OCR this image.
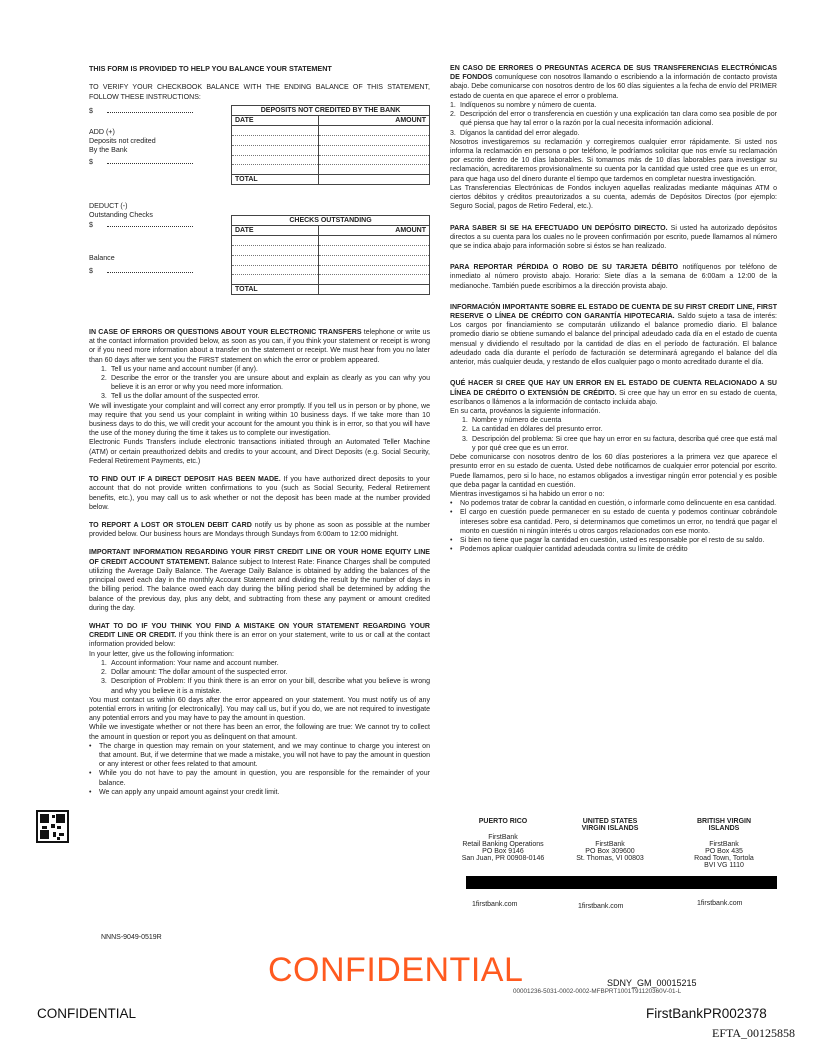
THIS FORM IS PROVIDED TO HELP YOU BALANCE YOUR STATEMENT
TO VERIFY YOUR CHECKBOOK BALANCE WITH THE ENDING BALANCE OF THIS STATEMENT, FOLLOW THESE INSTRUCTIONS:
$
ADD (+)
Deposits not credited
By the Bank
$
DEDUCT (-)
Outstanding Checks
$
Balance
$
DEPOSITS NOT CREDITED BY THE BANK	
DATE	AMOUNT

TOTAL	
CHECKS OUTSTANDING	
DATE	AMOUNT

TOTAL	

IN CASE OF ERRORS OR QUESTIONS ABOUT YOUR ELECTRONIC TRANSFERS telephone or write us at the contact information provided below, as soon as you can, if you think your statement or receipt is wrong or if you need more information about a transfer on the statement or receipt. We must hear from you no later than 60 days after we sent you the FIRST statement on which the error or problem appeared.

1. Tell us your name and account number (if any).
2. Describe the error or the transfer you are unsure about and explain as clearly as you can why you believe it is an error or why you need more information.
3. Tell us the dollar amount of the suspected error.

We will investigate your complaint and will correct any error promptly. If you tell us in person or by phone, we may require that you send us your complaint in writing within 10 business days. If we take more than 10 business days to do this, we will credit your account for the amount you think is in error, so that you will have the use of the money during the time it takes us to complete our investigation.

Electronic Funds Transfers include electronic transactions initiated through an Automated Teller Machine (ATM) or certain preauthorized debits and credits to your account, and Direct Deposits (e.g. Social Security, Federal Retirement Payments, etc.)

TO FIND OUT IF A DIRECT DEPOSIT HAS BEEN MADE. If you have authorized direct deposits to your account that do not provide written confirmations to you (such as Social Security, Federal Retirement benefits, etc.), you may call us to ask whether or not the deposit has been made at the number provided below.

TO REPORT A LOST OR STOLEN DEBIT CARD notify us by phone as soon as possible at the number provided below. Our business hours are Mondays through Sundays from 6:00am to 12:00 midnight.

IMPORTANT INFORMATION REGARDING YOUR FIRST CREDIT LINE OR YOUR HOME EQUITY LINE OF CREDIT ACCOUNT STATEMENT. Balance subject to Interest Rate: Finance Charges shall be computed utilizing the Average Daily Balance. The Average Daily Balance is obtained by adding the balances of the principal owed each day in the monthly Account Statement and dividing the result by the number of days in the billing period. The balance owed each day during the billing period shall be determined by adding the balance of the previous day, plus any debt, and subtracting from these any payment or amount credited during the day.

WHAT TO DO IF YOU THINK YOU FIND A MISTAKE ON YOUR STATEMENT REGARDING YOUR CREDIT LINE OR CREDIT. If you think there is an error on your statement, write to us or call at the contact information provided below:

In your letter, give us the following information:

1. Account information: Your name and account number.
2. Dollar amount: The dollar amount of the suspected error.
3. Description of Problem: If you think there is an error on your bill, describe what you believe is wrong and why you believe it is a mistake.

You must contact us within 60 days after the error appeared on your statement. You must notify us of any potential errors in writing [or electronically]. You may call us, but if you do, we are not required to investigate any potential errors and you may have to pay the amount in question.

While we investigate whether or not there has been an error, the following are true: We cannot try to collect the amount in question or report you as delinquent on that amount.

•	The charge in question may remain on your statement, and we may continue to charge you interest on that amount. But, if we determine that we made a mistake, you will not have to pay the amount in question or any interest or other fees related to that amount.
•	While you do not have to pay the amount in question, you are responsible for the remainder of your balance.
•	We can apply any unpaid amount against your credit limit.

EN CASO DE ERRORES O PREGUNTAS ACERCA DE SUS TRANSFERENCIAS ELECTRÓNICAS DE FONDOS comuníquese con nosotros llamando o escribiendo a la información de contacto provista abajo. Debe comunicarse con nosotros dentro de los 60 días siguientes a la fecha de envío del PRIMER estado de cuenta en que aparece el error o problema.

1. Indíquenos su nombre y número de cuenta.
2. Descripción del error o transferencia en cuestión y una explicación tan clara como sea posible de por qué piensa que hay tal error o la razón por la cual necesita información adicional.
3. Díganos la cantidad del error alegado.

Nosotros investigaremos su reclamación y corregiremos cualquier error rápidamente. Si usted nos informa la reclamación en persona o por teléfono, le podríamos solicitar que nos envíe su reclamación por escrito dentro de 10 días laborables. Si tomamos más de 10 días laborables para investigar su reclamación, acreditaremos provisionalmente su cuenta por la cantidad que usted cree que es un error, para que haga uso del dinero durante el tiempo que tardemos en completar nuestra investigación.

Las Transferencias Electrónicas de Fondos incluyen aquellas realizadas mediante máquinas ATM o ciertos débitos y créditos preautorizados a su cuenta, además de Depósitos Directos (por ejemplo: Seguro Social, pagos de Retiro Federal, etc.).

PARA SABER SI SE HA EFECTUADO UN DEPÓSITO DIRECTO. Si usted ha autorizado depósitos directos a su cuenta para los cuales no le proveen confirmación por escrito, puede llamarnos al número que se indica abajo para información sobre si éstos se han realizado.

PARA REPORTAR PÉRDIDA O ROBO DE SU TARJETA DÉBITO notifíquenos por teléfono de inmediato al número provisto abajo. Horario: Siete días a la semana de 6:00am a 12:00 de la medianoche. También puede escribirnos a la dirección provista abajo.

INFORMACIÓN IMPORTANTE SOBRE EL ESTADO DE CUENTA DE SU FIRST CREDIT LINE, FIRST RESERVE O LÍNEA DE CRÉDITO CON GARANTÍA HIPOTECARIA. Saldo sujeto a tasa de interés: Los cargos por financiamiento se computarán utilizando el balance promedio diario. El balance promedio diario se obtiene sumando el balance del principal adeudado cada día en el estado de cuenta mensual y dividiendo el resultado por la cantidad de días en el período de facturación. El balance adeudado cada día durante el período de facturación se determinará agregando el balance del día anterior, más cualquier deuda, y restando de ellos cualquier pago o monto acreditado durante el día.

QUÉ HACER SI CREE QUE HAY UN ERROR EN EL ESTADO DE CUENTA RELACIONADO A SU LÍNEA DE CRÉDITO O EXTENSIÓN DE CRÉDITO. Si cree que hay un error en su estado de cuenta, escríbanos o llámenos a la información de contacto incluida abajo.

En su carta, provéanos la siguiente información.

1. Nombre y número de cuenta
2. La cantidad en dólares del presunto error.
3. Descripción del problema: Si cree que hay un error en su factura, describa qué cree que está mal y por qué cree que es un error.

Debe comunicarse con nosotros dentro de los 60 días posteriores a la primera vez que aparece el presunto error en su estado de cuenta. Usted debe notificarnos de cualquier error potencial por escrito. Puede llamarnos, pero si lo hace, no estamos obligados a investigar ningún error potencial y es posible que deba pagar la cantidad en cuestión.

Mientras investigamos si ha habido un error o no:

•	No podemos tratar de cobrar la cantidad en cuestión, o informarle como delincuente en esa cantidad.
•	El cargo en cuestión puede permanecer en su estado de cuenta y podemos continuar cobrándole intereses sobre esa cantidad. Pero, si determinamos que cometimos un error, no tendrá que pagar el monto en cuestión ni ningún interés u otros cargos relacionados con ese monto.
•	Si bien no tiene que pagar la cantidad en cuestión, usted es responsable por el resto de su saldo.
•	Podemos aplicar cualquier cantidad adeudada contra su límite de crédito
PUERTO RICO
FirstBank
Retail Banking Operations
PO Box 9146
San Juan, PR 00908-0146
UNITED STATES
VIRGIN ISLANDS
FirstBank
PO Box 309600
St. Thomas, VI 00803
BRITISH VIRGIN
ISLANDS
FirstBank
PO Box 435
Road Town, Tortola
BVI VG 1110
1firstbank.com	1firstbank.com	1firstbank.com
NNNS-9049-0519R
CONFIDENTIAL	SDNY_GM_00015215
00001236-5031-0002-0002-MFBPRT1001T91120360V-01-L
CONFIDENTIAL	FirstBankPR002378
EFTA_00125858
